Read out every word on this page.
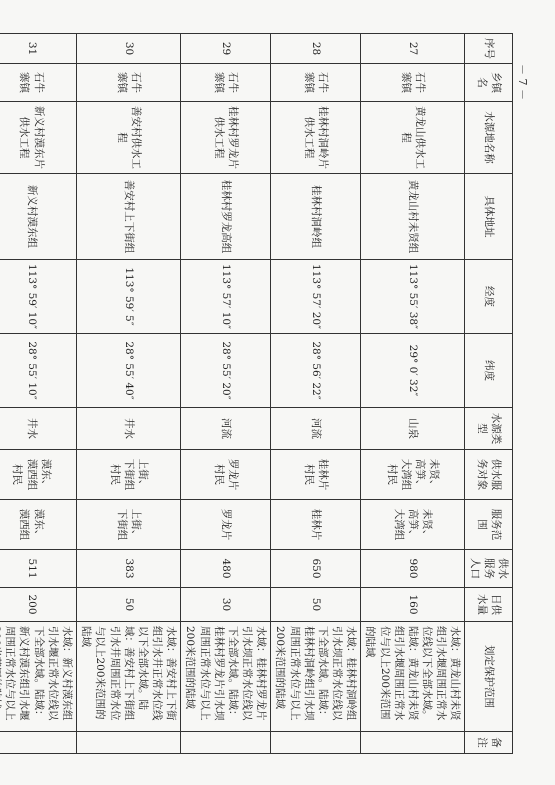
－ 7 －
序号	乡镇名	水源地名称	具体地址	经度	纬度	水源类型	供水服务对象	服务范围	供水服务人口	日供水量	划定保护范围	备注
27	石牛寨镇	黄龙山供水工程	黄龙山村未贤组	113° 55′ 38″	29° 0′ 32″	山泉	未贤、高笋、大湾组村民	未贤、高笋、大湾组	980	160	水域：黄龙山村未贤组引水堰周围正常水位线以下全部水域。陆域：黄龙山村未贤组引水堰周围正常水位与以上200米范围的陆域	
28	石牛寨镇	桂林村洞岭片供水工程	桂林村洞岭组	113° 57′ 20″	28° 56′ 22″	河流	桂林片村民	桂林片	650	50	水域：桂林村洞岭组引水坝正常水位线以下全部水域。陆域：桂林村洞岭组引水坝周围正常水位与以上200米范围的陆域	
29	石牛寨镇	桂林村罗龙片供水工程	桂林村罗龙高组	113° 57′ 10″	28° 55′ 20″	河流	罗龙片村民	罗龙片	480	30	水域：桂林村罗龙片引水坝正常水位线以下全部水域。陆域：桂林村罗龙片引水坝周围正常水位与以上200米范围的陆域	
30	石牛寨镇	善安村供水工程	善安村上下街组	113° 59′ 5″	28° 55′ 40″	井水	上街、下街组村民	上街、下街组	383	50	水域：善安村上下街组引水井正常水位线以下全部水域。陆域：善安村上下街组引水井周围正常水位与以上200米范围的陆域	
31	石牛寨镇	新义村漠东片供水工程	新义村漠东组	113° 59′ 10″	28° 55′ 10″	井水	漠东、漠西组村民	漠东、漠西组	511	200	水域：新义村漠东组引水堰正常水位线以下全部水域。陆域：新义村漠东组引水堰周围正常水位与以上	
